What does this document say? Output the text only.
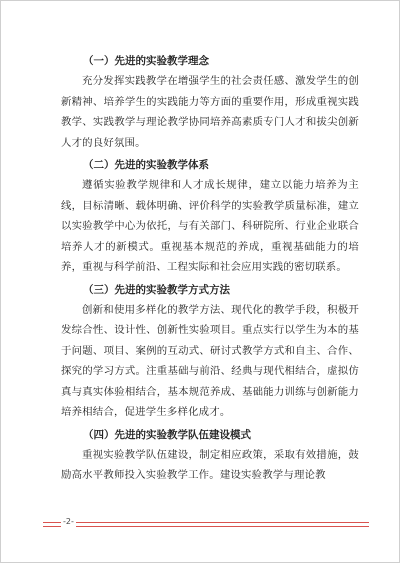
（一）先进的实验教学理念

充分发挥实践教学在增强学生的社会责任感、激发学生的创新精神、培养学生的实践能力等方面的重要作用，形成重视实践教学、实践教学与理论教学协同培养高素质专门人才和拔尖创新人才的良好氛围。

（二）先进的实验教学体系

遵循实验教学规律和人才成长规律，建立以能力培养为主线，目标清晰、载体明确、评价科学的实验教学质量标准，建立以实验教学中心为依托，与有关部门、科研院所、行业企业联合培养人才的新模式。重视基本规范的养成，重视基础能力的培养，重视与科学前沿、工程实际和社会应用实践的密切联系。

（三）先进的实验教学方式方法

创新和使用多样化的教学方法、现代化的教学手段，积极开发综合性、设计性、创新性实验项目。重点实行以学生为本的基于问题、项目、案例的互动式、研讨式教学方式和自主、合作、探究的学习方式。注重基础与前沿、经典与现代相结合，虚拟仿真与真实体验相结合，基本规范养成、基础能力训练与创新能力培养相结合，促进学生多样化成才。

（四）先进的实验教学队伍建设模式

重视实验教学队伍建设，制定相应政策，采取有效措施，鼓励高水平教师投入实验教学工作。建设实验教学与理论教

-2-
